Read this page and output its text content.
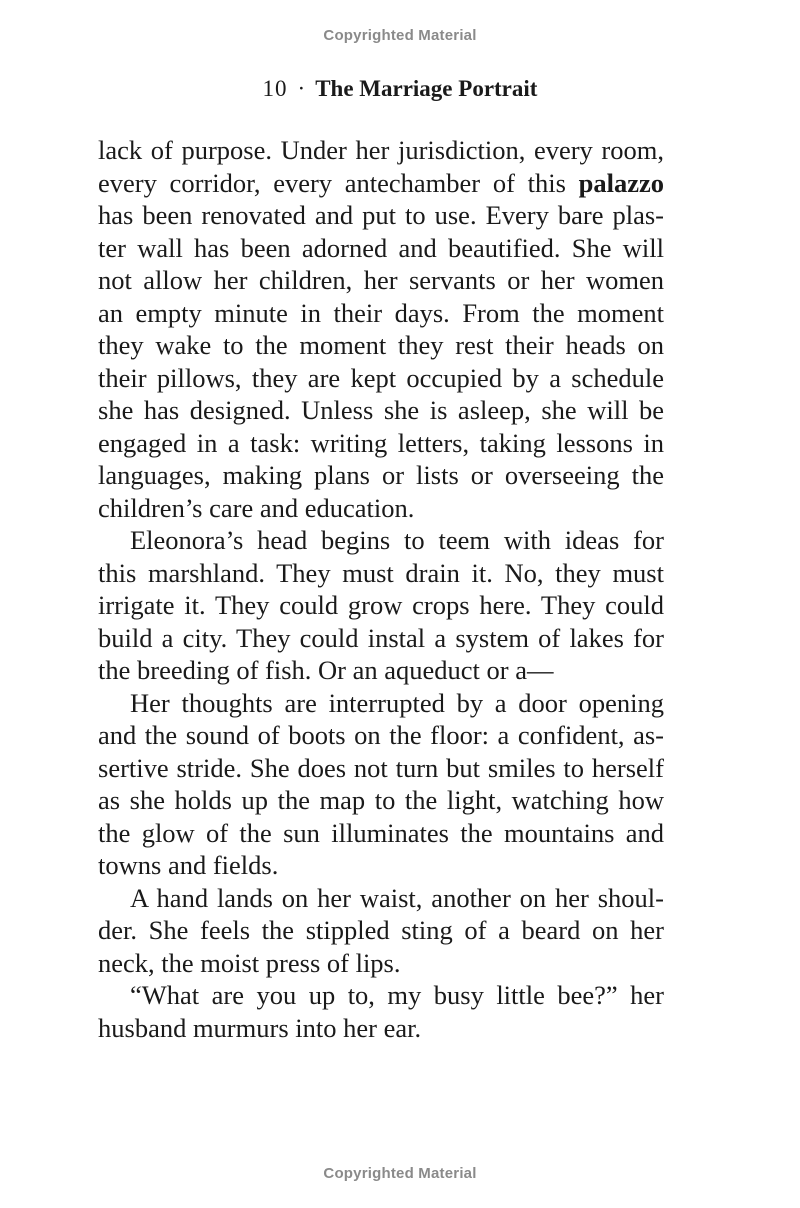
Copyrighted Material
10 · The Marriage Portrait
lack of purpose. Under her jurisdiction, every room,
every corridor, every antechamber of this palazzo
has been renovated and put to use. Every bare plas-
ter wall has been adorned and beautified. She will
not allow her children, her servants or her women
an empty minute in their days. From the moment
they wake to the moment they rest their heads on
their pillows, they are kept occupied by a schedule
she has designed. Unless she is asleep, she will be
engaged in a task: writing letters, taking lessons in
languages, making plans or lists or overseeing the
children’s care and education.
Eleonora’s head begins to teem with ideas for
this marshland. They must drain it. No, they must
irrigate it. They could grow crops here. They could
build a city. They could instal a system of lakes for
the breeding of fish. Or an aqueduct or a—
Her thoughts are interrupted by a door opening
and the sound of boots on the floor: a confident, as-
sertive stride. She does not turn but smiles to herself
as she holds up the map to the light, watching how
the glow of the sun illuminates the mountains and
towns and fields.
A hand lands on her waist, another on her shoul-
der. She feels the stippled sting of a beard on her
neck, the moist press of lips.
“What are you up to, my busy little bee?” her
husband murmurs into her ear.
Copyrighted Material
